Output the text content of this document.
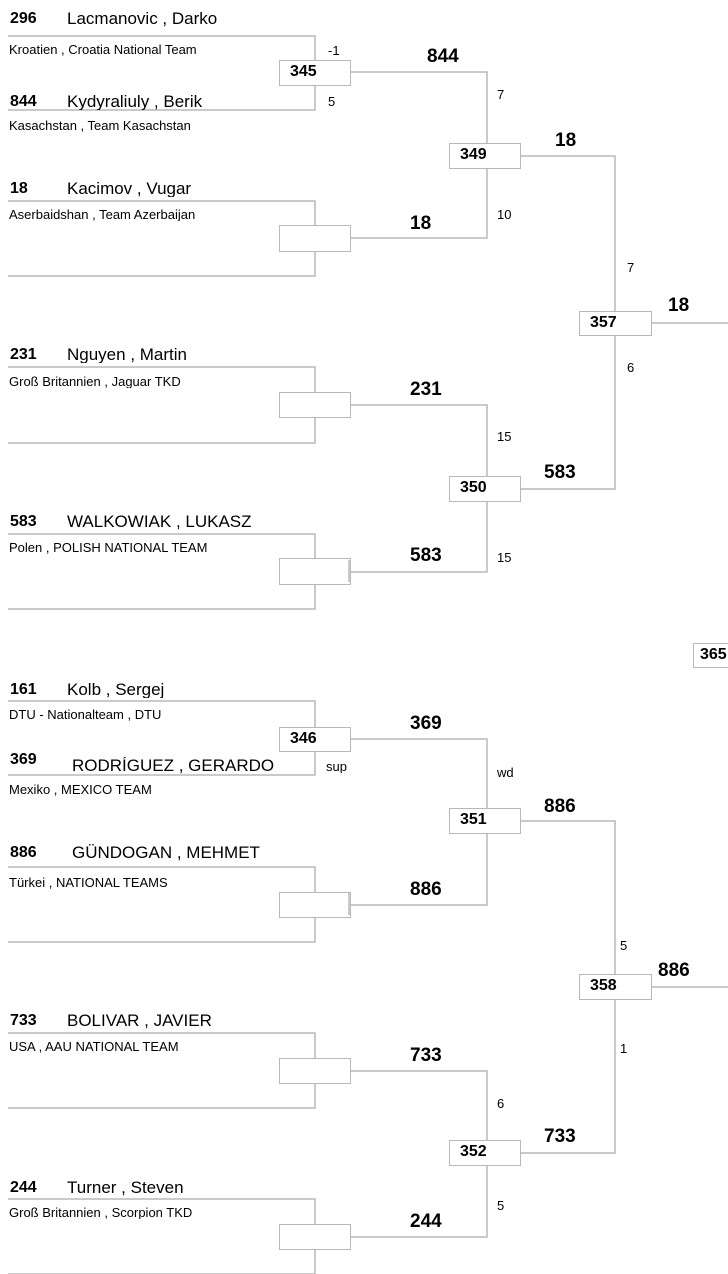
296 Lacmanovic , Darko
Kroatien , Croatia National Team
844 Kydyraliuly , Berik
Kasachstan , Team Kasachstan
18 Kacimov , Vugar
Aserbaidshan , Team Azerbaijan
231 Nguyen , Martin
Groß Britannien , Jaguar TKD
583 WALKOWIAK , LUKASZ
Polen , POLISH NATIONAL TEAM
161 Kolb , Sergej
DTU - Nationalteam , DTU
369 RODRÍGUEZ , GERARDO
Mexiko , MEXICO TEAM
886 GÜNDOGAN , MEHMET
Türkei , NATIONAL TEAMS
733 BOLIVAR , JAVIER
USA , AAU NATIONAL TEAM
244 Turner , Steven
Groß Britannien , Scorpion TKD
345
346
-1
5
sup
844
18
231
583
369
886
733
244
349
350
351
352
7
10
15
15
wd
6
5
18
583
886
733
357
358
7
6
5
1
18
886
365
